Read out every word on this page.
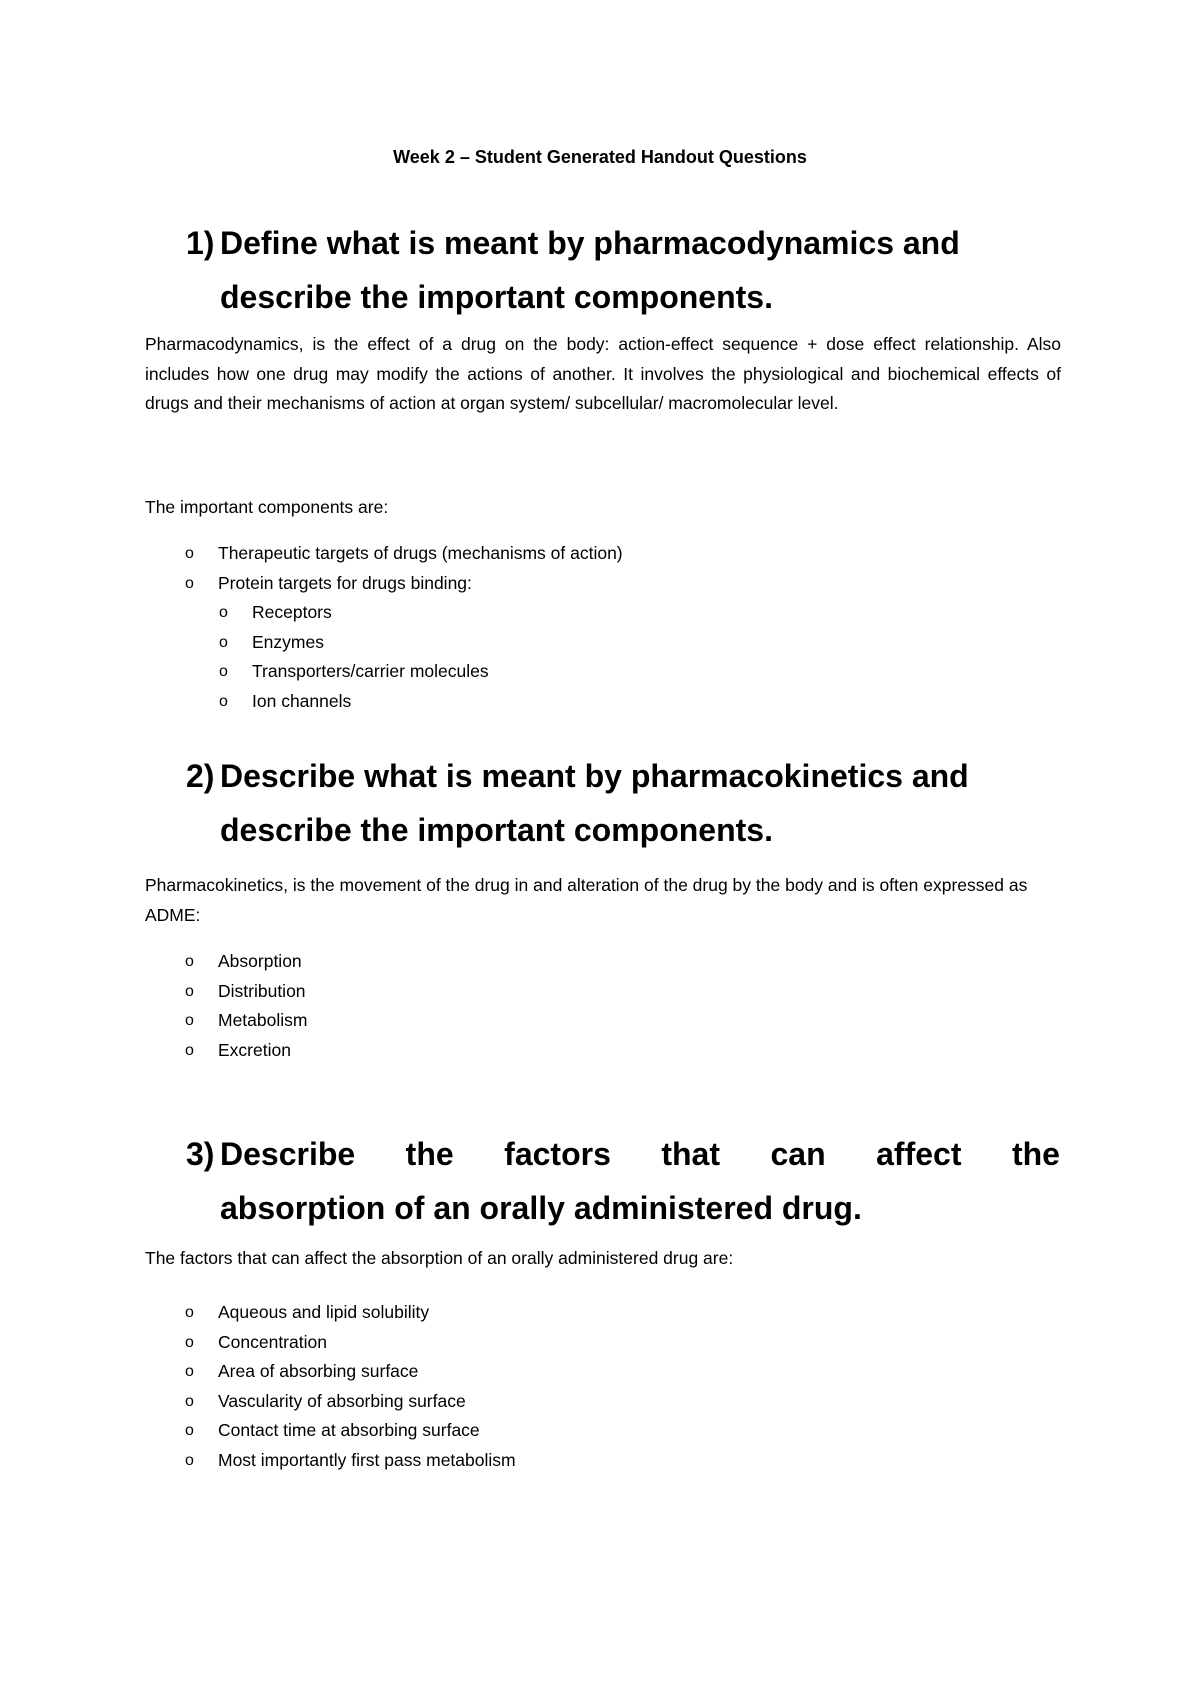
Week 2 – Student Generated Handout Questions
1) Define what is meant by pharmacodynamics and
describe the important components.

Pharmacodynamics, is the effect of a drug on the body: action-effect sequence + dose effect relationship. Also includes how one drug may modify the actions of another. It involves the physiological and biochemical effects of drugs and their mechanisms of action at organ system/ subcellular/ macromolecular level.

The important components are:

o Therapeutic targets of drugs (mechanisms of action)
o Protein targets for drugs binding:
o Receptors
o Enzymes
o Transporters/carrier molecules
o Ion channels
2) Describe what is meant by pharmacokinetics and
describe the important components.

Pharmacokinetics, is the movement of the drug in and alteration of the drug by the body and is often expressed as ADME:

o Absorption
o Distribution
o Metabolism
o Excretion
3) Describe the factors that can affect the
absorption of an orally administered drug.

The factors that can affect the absorption of an orally administered drug are:

o Aqueous and lipid solubility
o Concentration
o Area of absorbing surface
o Vascularity of absorbing surface
o Contact time at absorbing surface
o Most importantly first pass metabolism
